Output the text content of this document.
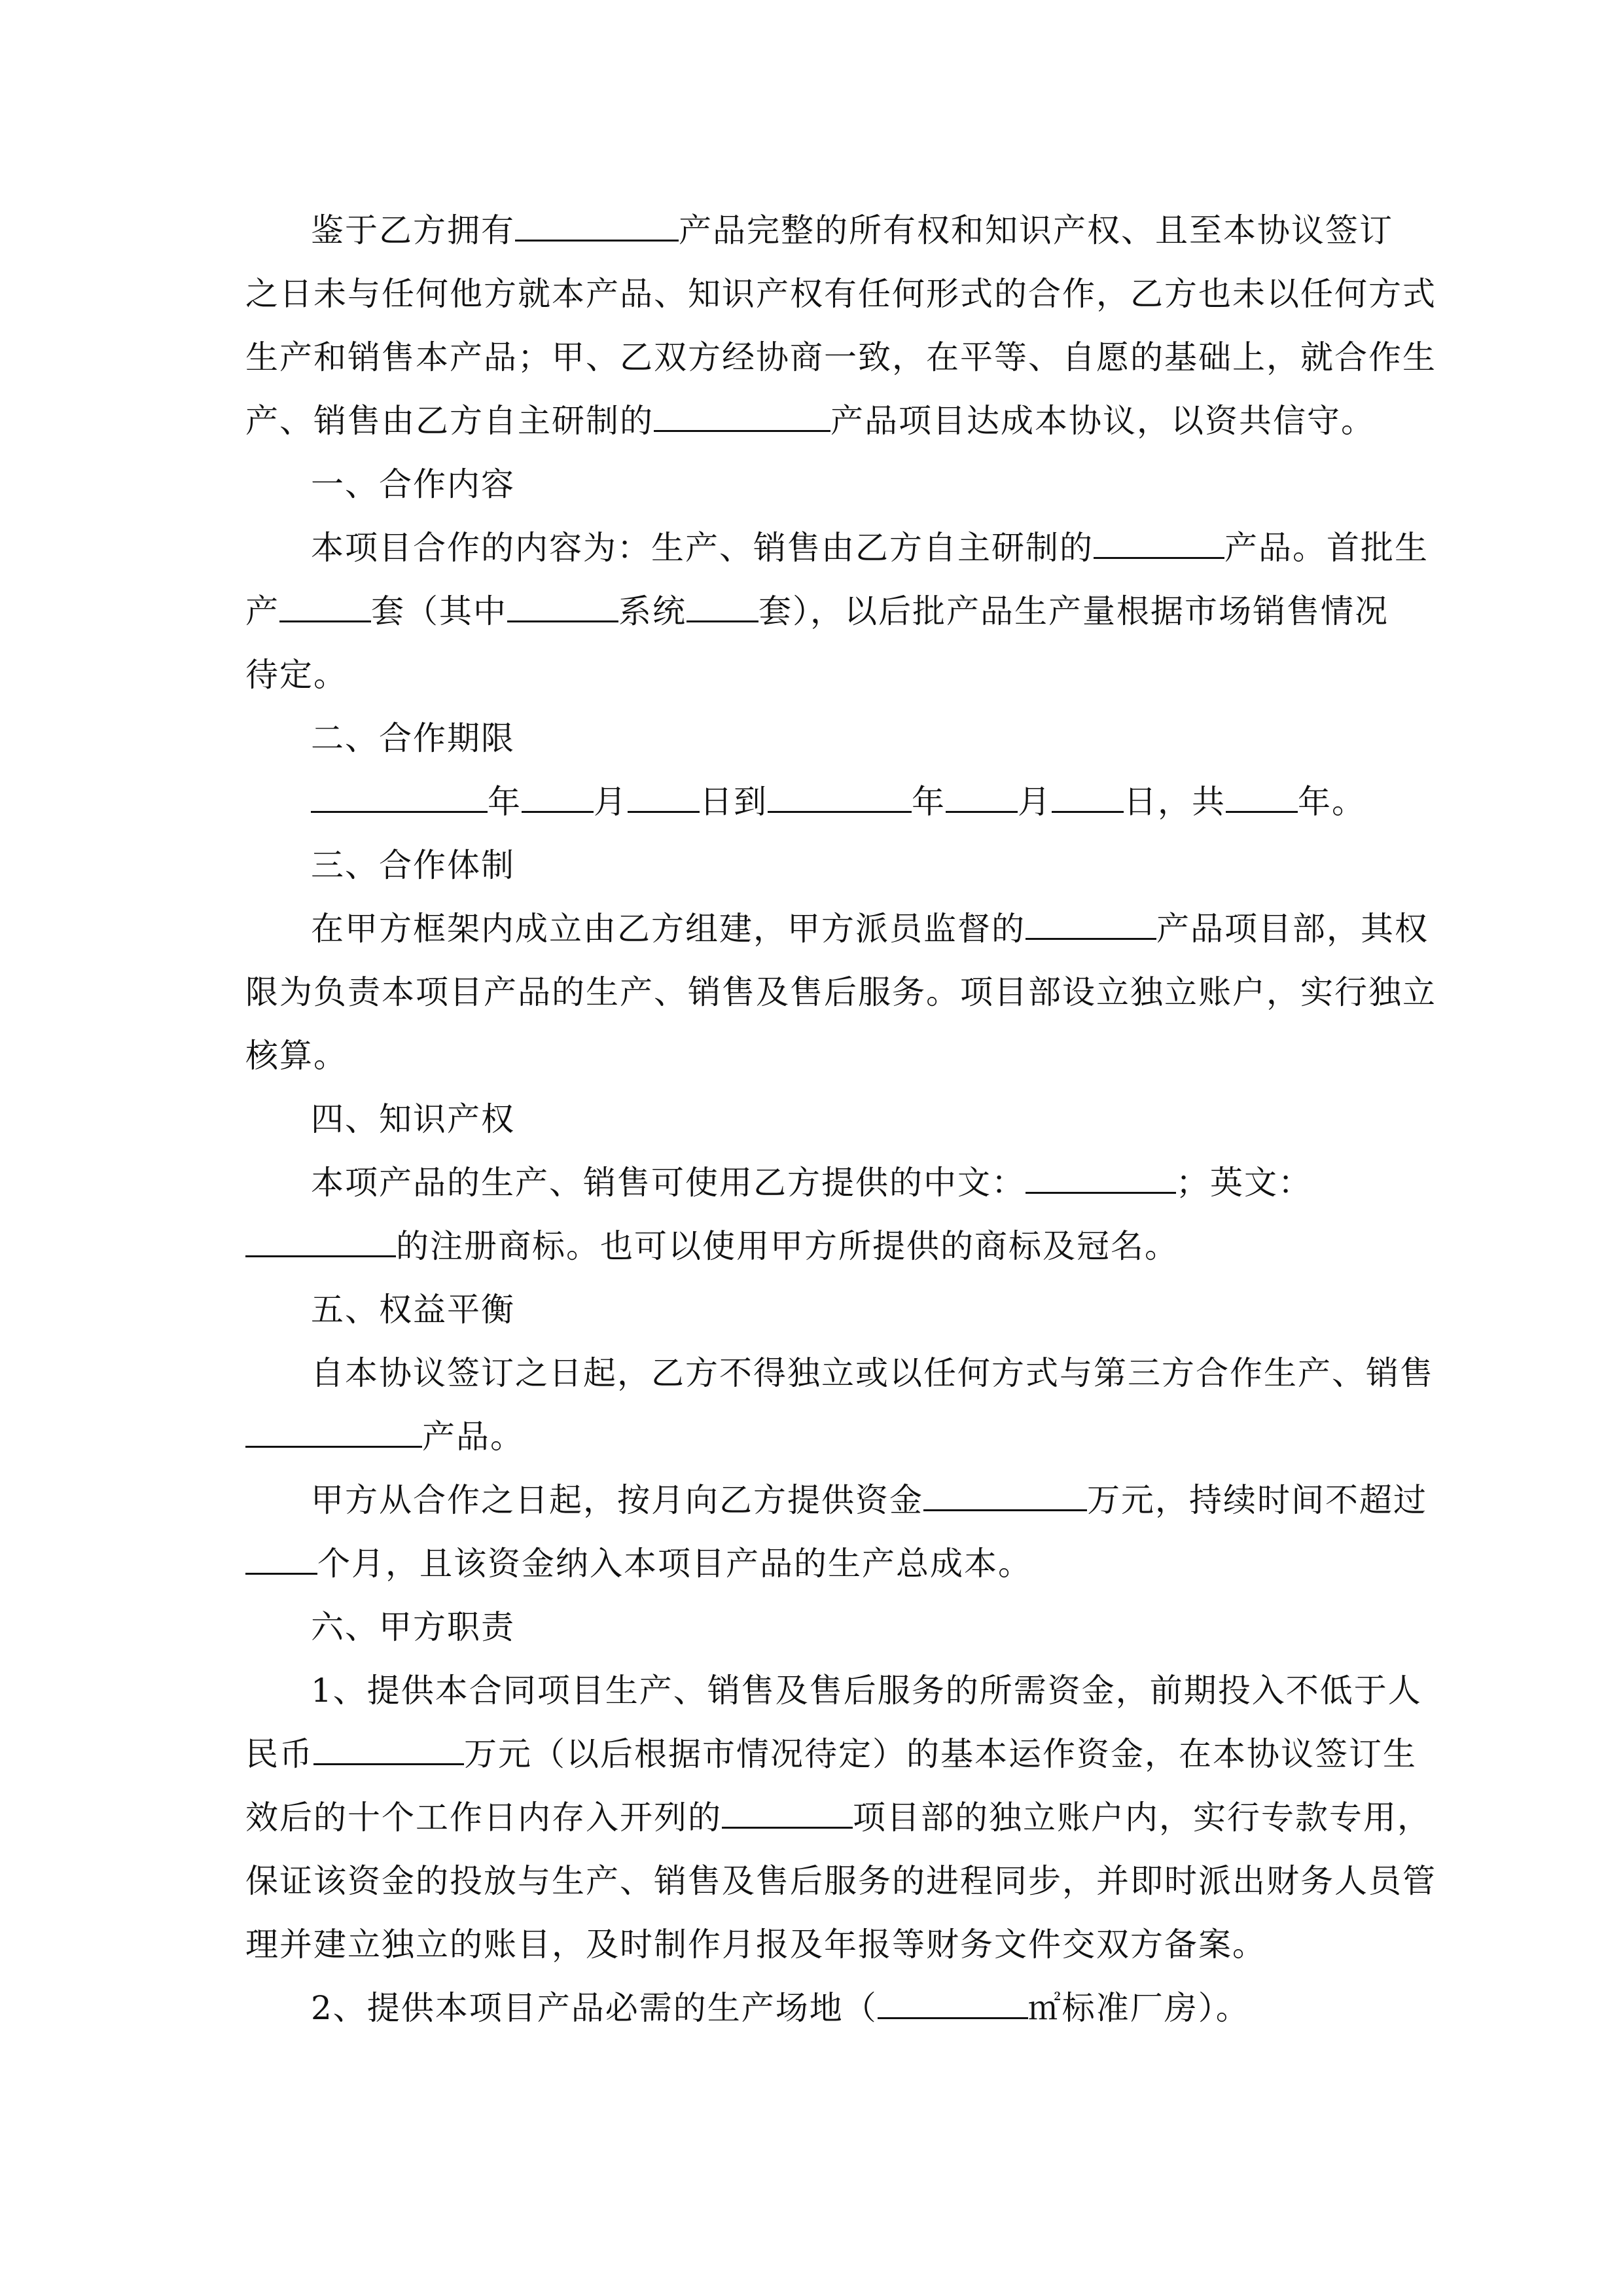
鉴于乙方拥有	产品完整的所有权和知识产权、且至本协议签订
之日未与任何他方就本产品、知识产权有任何形式的合作，乙方也未以任何方式
生产和销售本产品；甲、乙双方经协商一致，在平等、自愿的基础上，就合作生
产、销售由乙方自主研制的	产品项目达成本协议，以资共信守。
一、合作内容
本项目合作的内容为：生产、销售由乙方自主研制的	产品。首批生
产	套（其中	系统 套），以后批产品生产量根据市场销售情况
待定。
二、合作期限
年 月 日到	年 月 日，共 年。
三、合作体制
在甲方框架内成立由乙方组建，甲方派员监督的	产品项目部，其权
限为负责本项目产品的生产、销售及售后服务。项目部设立独立账户，实行独立
核算。
四、知识产权
本项产品的生产、销售可使用乙方提供的中文：	；英文：
的注册商标。也可以使用甲方所提供的商标及冠名。
五、权益平衡
自本协议签订之日起，乙方不得独立或以任何方式与第三方合作生产、销售
产品。
甲方从合作之日起，按月向乙方提供资金	万元，持续时间不超过
个月，且该资金纳入本项目产品的生产总成本。
六、甲方职责
1、提供本合同项目生产、销售及售后服务的所需资金，前期投入不低于人
民币	万元（以后根据市情况待定）的基本运作资金，在本协议签订生
效后的十个工作日内存入开列的	项目部的独立账户内，实行专款专用，
保证该资金的投放与生产、销售及售后服务的进程同步，并即时派出财务人员管
理并建立独立的账目，及时制作月报及年报等财务文件交双方备案。
2、提供本项目产品必需的生产场地（	㎡标准厂房）。
